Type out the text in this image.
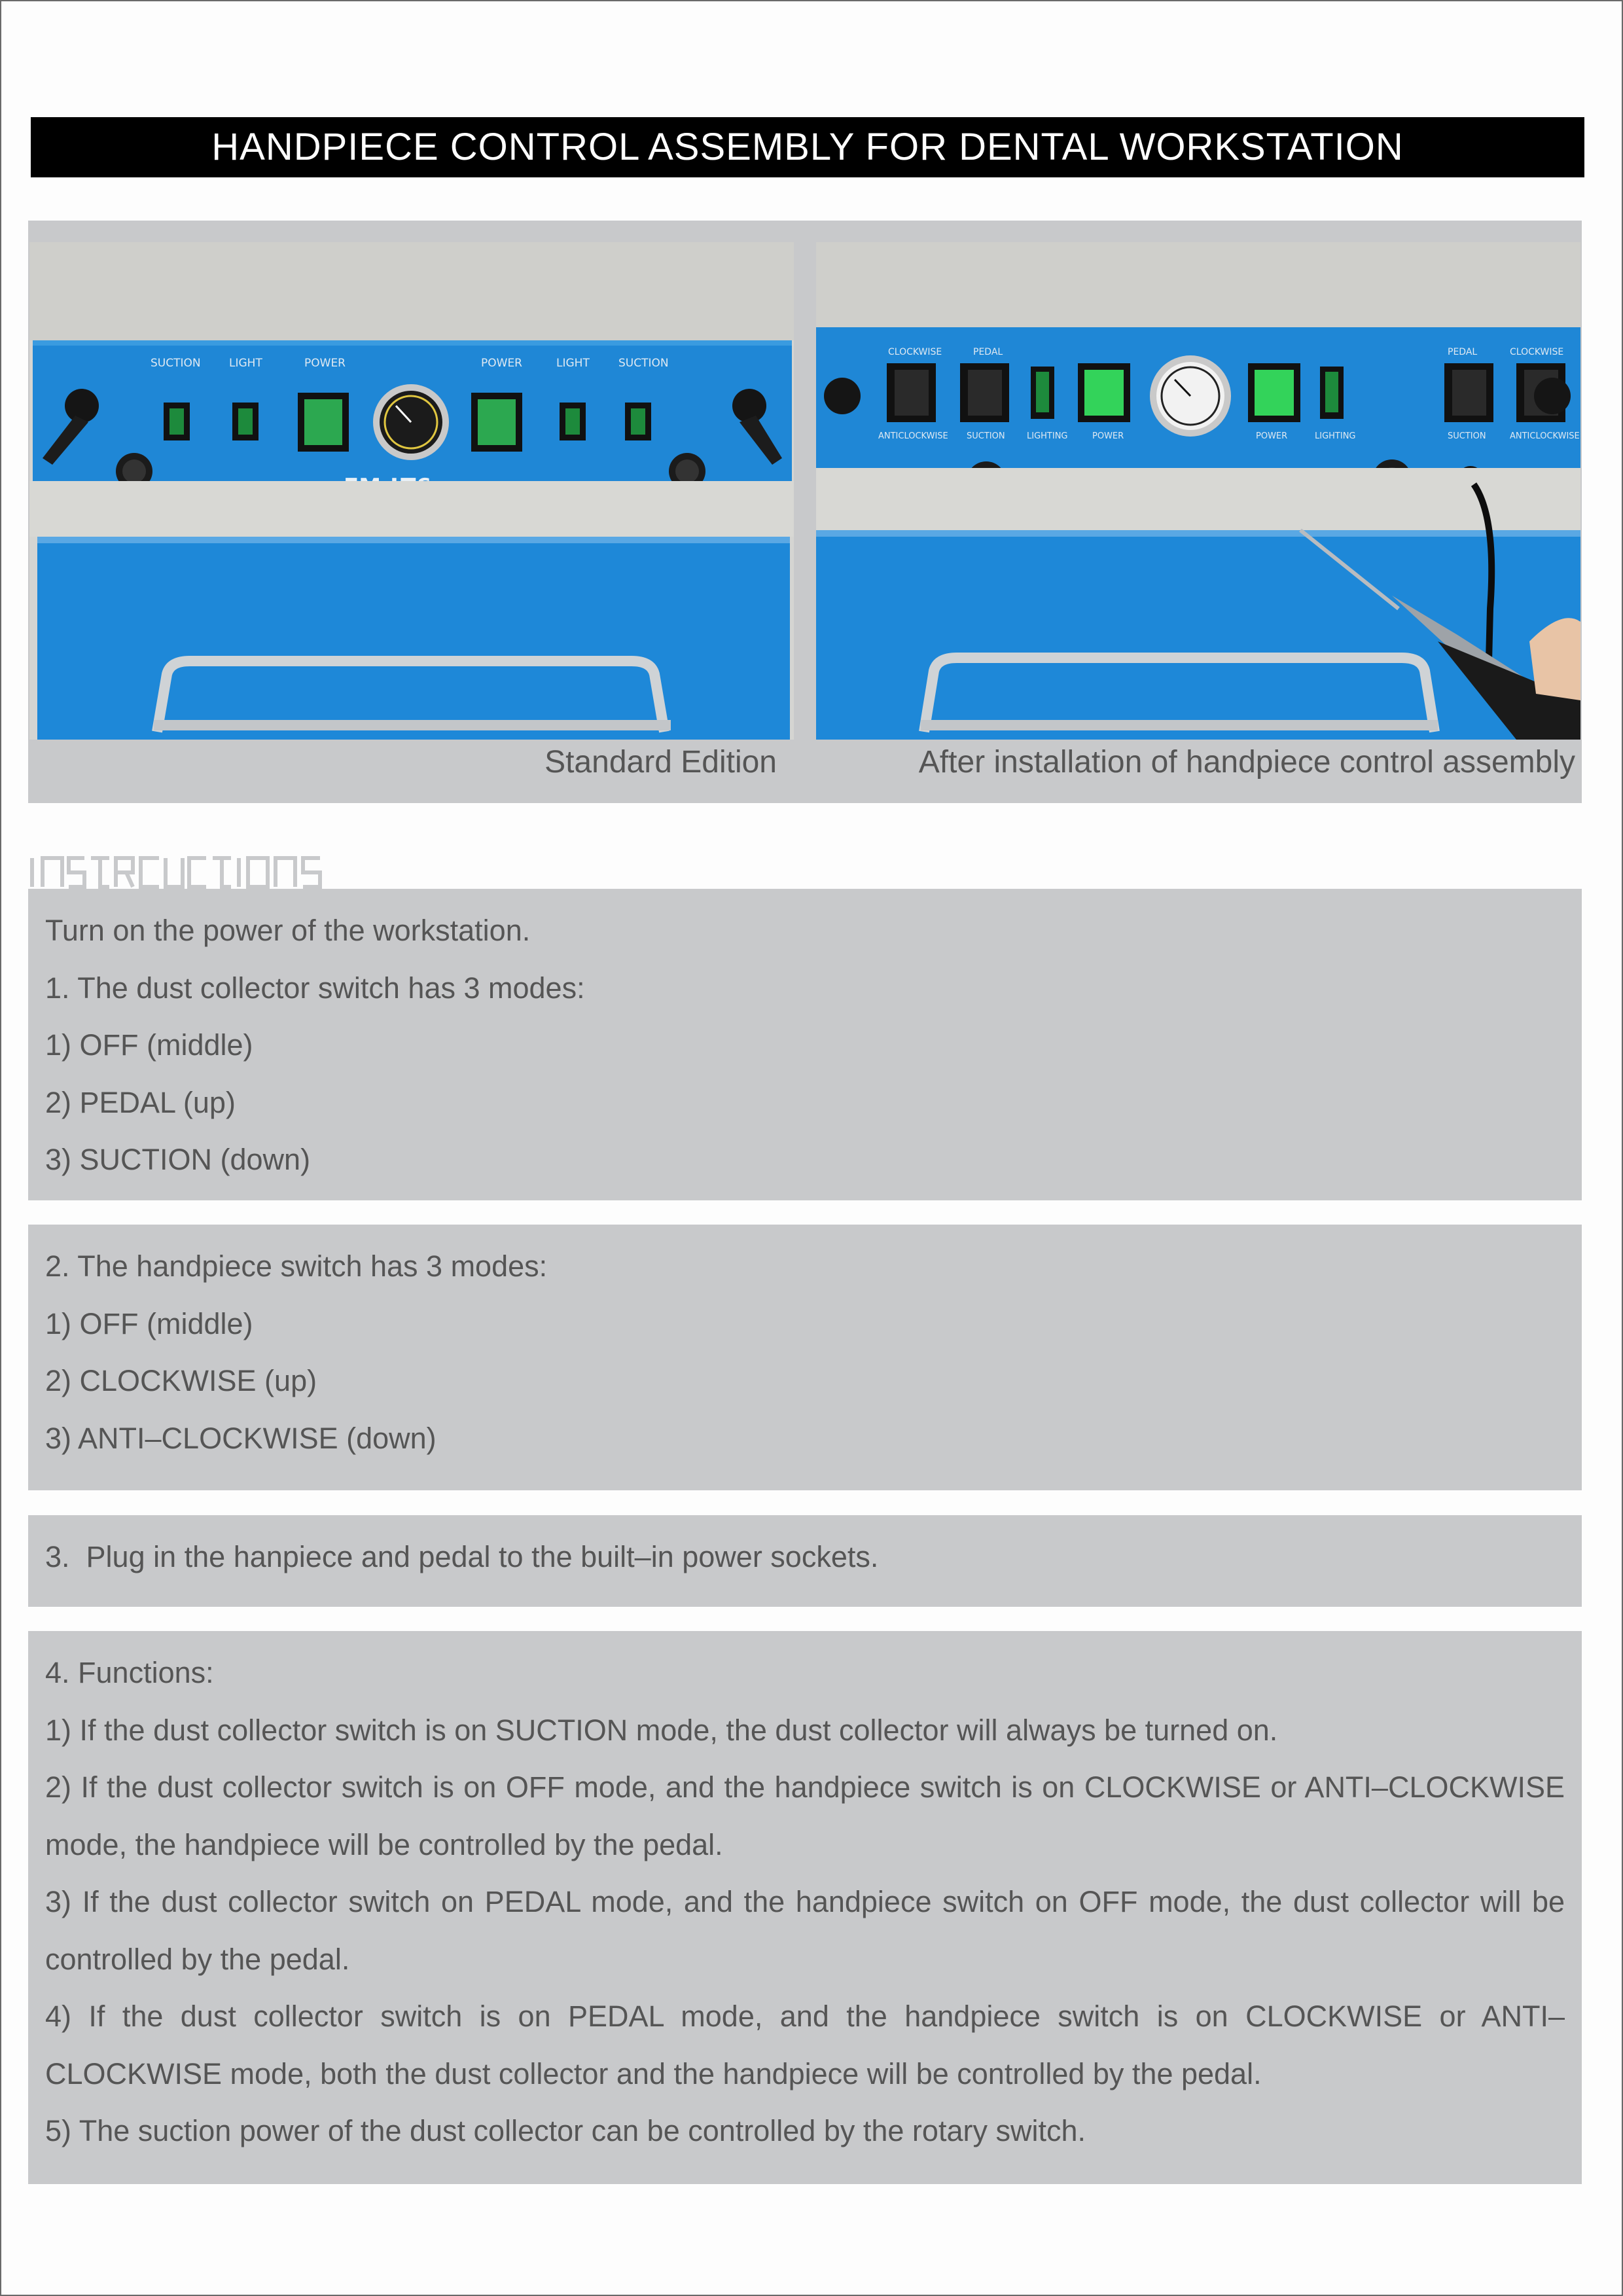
HANDPIECE CONTROL ASSEMBLY FOR DENTAL WORKSTATION
SUCTION	LIGHT	POWER	POWER	LIGHT	SUCTION
CLOCKWISE	PEDAL	PEDAL	CLOCKWISE
ANTICLOCKWISE SUCTION	LIGHTING	POWER	POWER	LIGHTING	SUCTION	ANTICLOCKWISE
Standard Edition	After installation of handpiece control assembly

Turn on the power of the workstation.

1. The dust collector switch has 3 modes:

1) OFF (middle)

2) PEDAL (up)

3) SUCTION (down)

2. The handpiece switch has 3 modes:

1) OFF (middle)

2) CLOCKWISE (up)

3) ANTI–CLOCKWISE (down)

3.  Plug in the hanpiece and pedal to the built–in power sockets.

4. Functions:

1) If the dust collector switch is on SUCTION mode, the dust collector will always be turned on.

2) If the dust collector switch is on OFF mode, and the handpiece switch is on CLOCKWISE or ANTI–CLOCKWISE mode, the handpiece will be controlled by the pedal.

3) If the dust collector switch on PEDAL mode, and the handpiece switch on OFF mode, the dust collector will be controlled by the pedal.

4) If the dust collector switch is on PEDAL mode, and the handpiece switch is on CLOCKWISE or ANTI–CLOCKWISE mode, both the dust collector and the handpiece will be controlled by the pedal.

5) The suction power of the dust collector can be controlled by the rotary switch.
